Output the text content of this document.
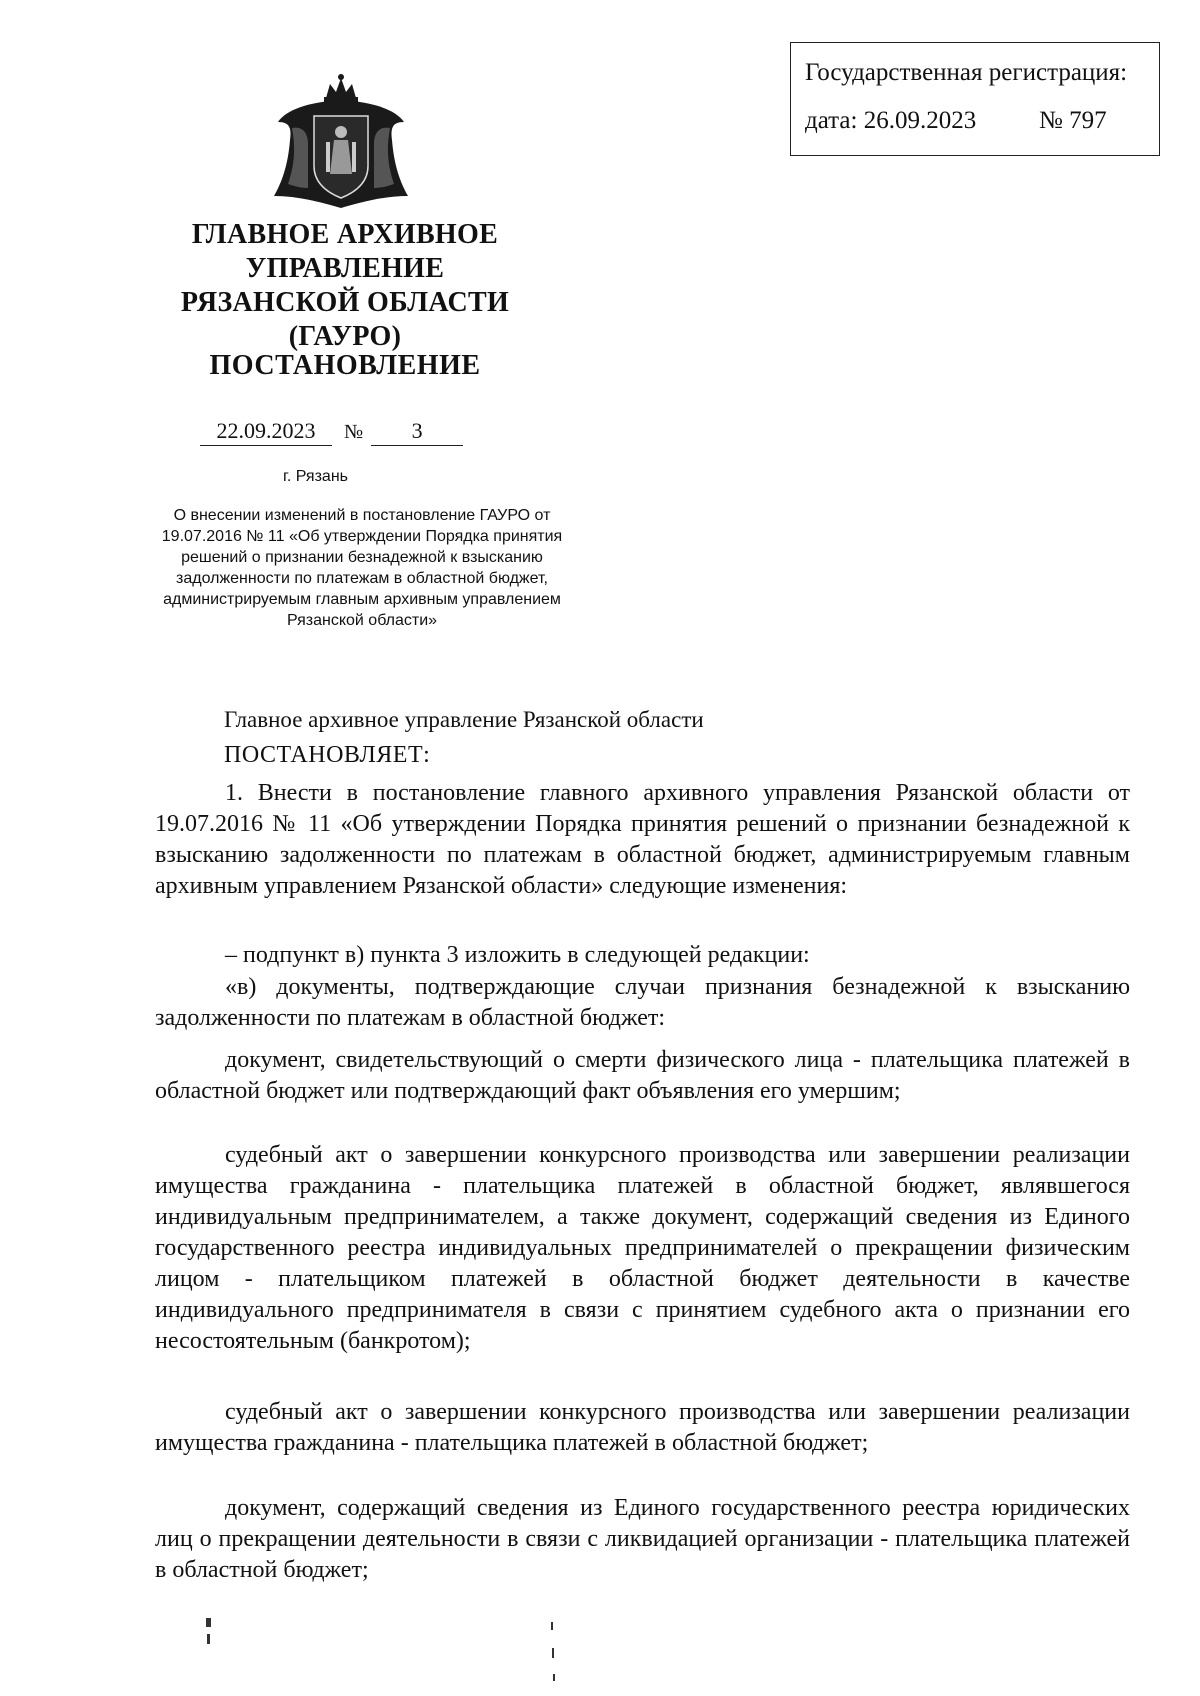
Государственная регистрация:
дата: 26.09.2023	№ 797
ГЛАВНОЕ АРХИВНОЕ
УПРАВЛЕНИЕ
РЯЗАНСКОЙ ОБЛАСТИ
(ГАУРО)
ПОСТАНОВЛЕНИЕ
22.09.2023 № 3
г. Рязань
О внесении изменений в постановление ГАУРО от 19.07.2016 № 11 «Об утверждении Порядка принятия решений о признании безнадежной к взысканию задолженности по платежам в областной бюджет, администрируемым главным архивным управлением Рязанской области»
Главное архивное управление Рязанской области
ПОСТАНОВЛЯЕТ:
1. Внести в постановление главного архивного управления Рязанской области от 19.07.2016 № 11 «Об утверждении Порядка принятия решений о признании безнадежной к взысканию задолженности по платежам в областной бюджет, администрируемым главным архивным управлением Рязанской области» следующие изменения:
– подпункт в) пункта 3 изложить в следующей редакции:
«в) документы, подтверждающие случаи признания безнадежной к взысканию задолженности по платежам в областной бюджет:
документ, свидетельствующий о смерти физического лица - плательщика платежей в областной бюджет или подтверждающий факт объявления его умершим;
судебный акт о завершении конкурсного производства или завершении реализации имущества гражданина - плательщика платежей в областной бюджет, являвшегося индивидуальным предпринимателем, а также документ, содержащий сведения из Единого государственного реестра индивидуальных предпринимателей о прекращении физическим лицом - плательщиком платежей в областной бюджет деятельности в качестве индивидуального предпринимателя в связи с принятием судебного акта о признании его несостоятельным (банкротом);
судебный акт о завершении конкурсного производства или завершении реализации имущества гражданина - плательщика платежей в областной бюджет;
документ, содержащий сведения из Единого государственного реестра юридических лиц о прекращении деятельности в связи с ликвидацией организации - плательщика платежей в областной бюджет;
